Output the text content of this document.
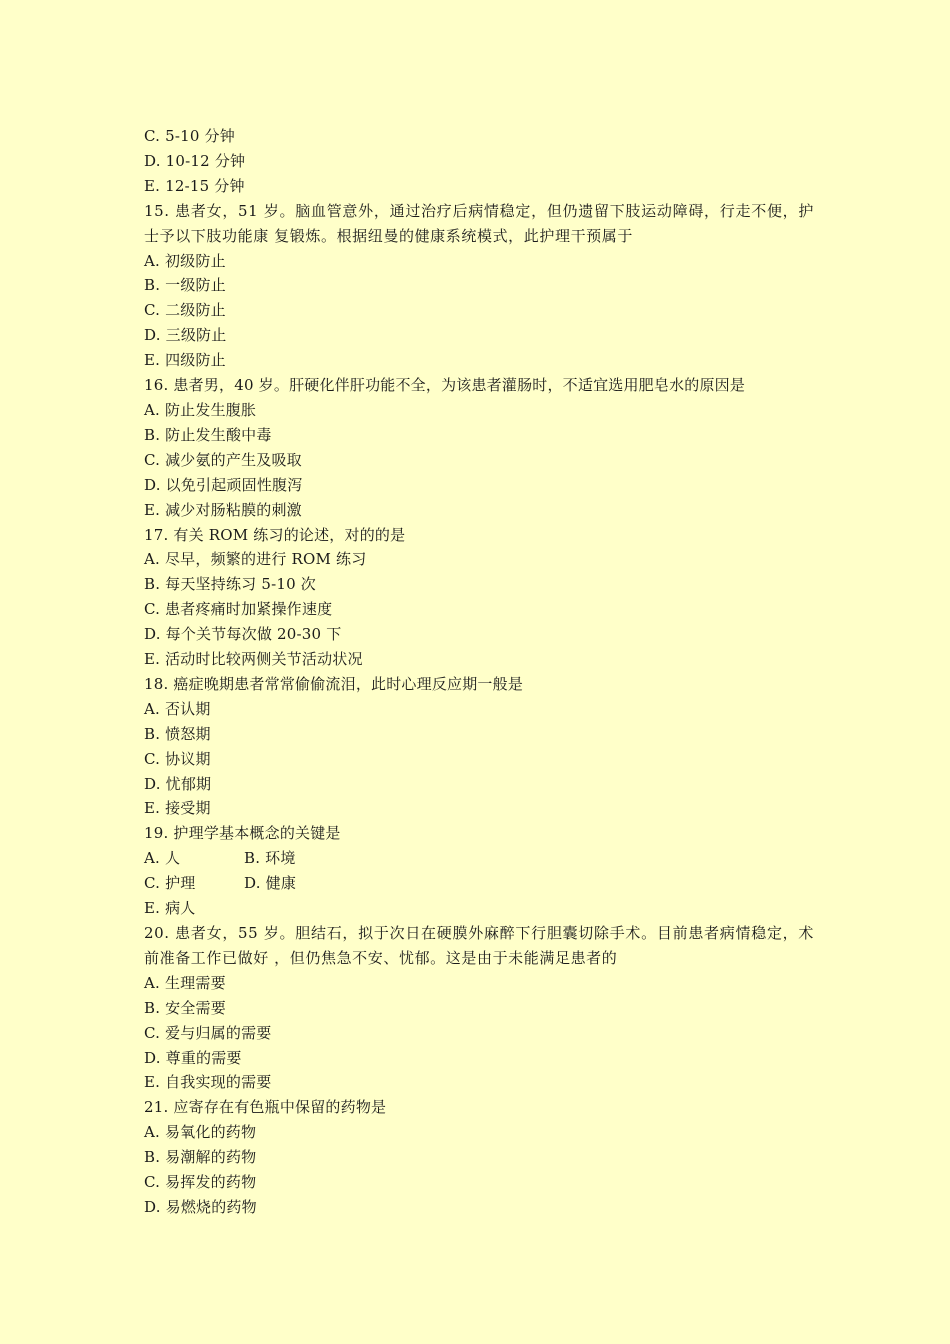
C. 5-10 分钟
D. 10-12 分钟
E. 12-15 分钟
15. 患者女，51 岁。脑血管意外，通过治疗后病情稳定，但仍遗留下肢运动障碍，行走不便，护士予以下肢功能康 复锻炼。根据纽曼的健康系统模式，此护理干预属于
A. 初级防止
B. 一级防止
C. 二级防止
D. 三级防止
E. 四级防止
16. 患者男，40 岁。肝硬化伴肝功能不全，为该患者灌肠时，不适宜选用肥皂水的原因是
A. 防止发生腹胀
B. 防止发生酸中毒
C. 减少氨的产生及吸取
D. 以免引起顽固性腹泻
E. 减少对肠粘膜的刺激
17. 有关 ROM 练习的论述，对的的是
A. 尽早，频繁的进行 ROM 练习
B. 每天坚持练习 5-10 次
C. 患者疼痛时加紧操作速度
D. 每个关节每次做 20-30 下
E. 活动时比较两侧关节活动状况
18. 癌症晚期患者常常偷偷流泪，此时心理反应期一般是
A. 否认期
B. 愤怒期
C. 协议期
D. 忧郁期
E. 接受期
19. 护理学基本概念的关键是
A. 人	B. 环境
C. 护理	D. 健康
E. 病人
20. 患者女，55 岁。胆结石，拟于次日在硬膜外麻醉下行胆囊切除手术。目前患者病情稳定，术前准备工作已做好 ，但仍焦急不安、忧郁。这是由于未能满足患者的
A. 生理需要
B. 安全需要
C. 爱与归属的需要
D. 尊重的需要
E. 自我实现的需要
21. 应寄存在有色瓶中保留的药物是
A. 易氧化的药物
B. 易潮解的药物
C. 易挥发的药物
D. 易燃烧的药物
